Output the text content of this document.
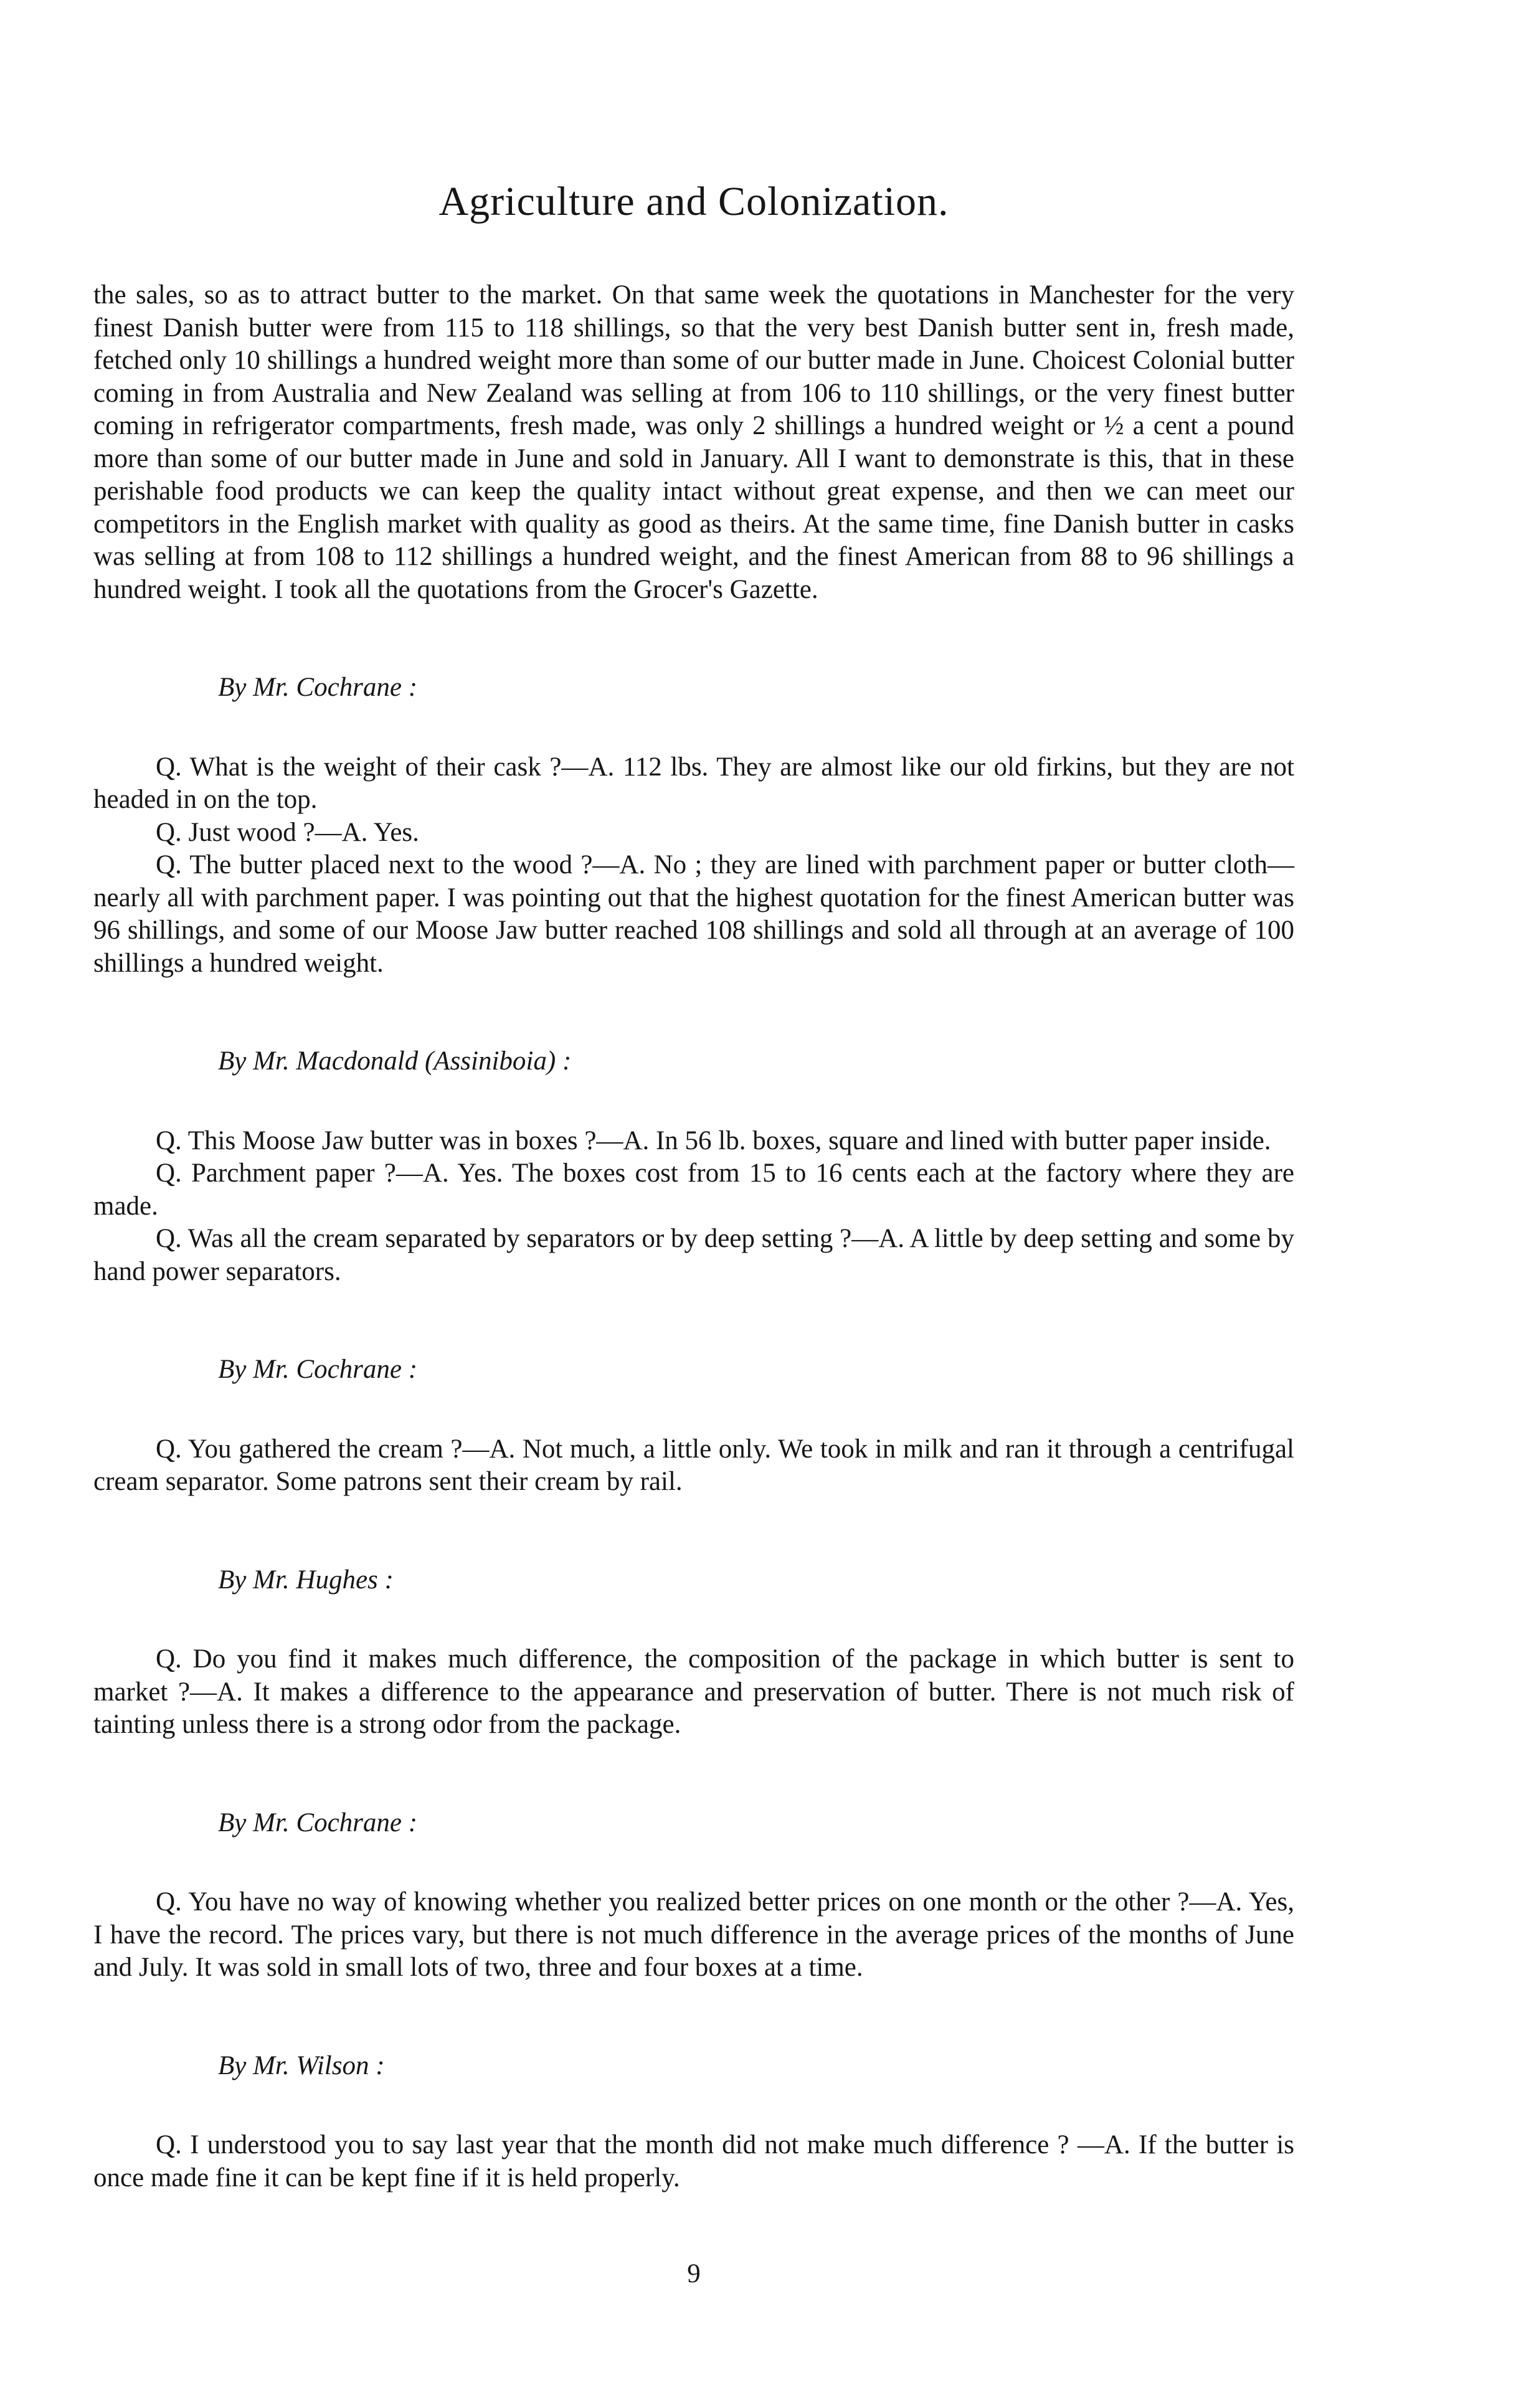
Agriculture and Colonization.

the sales, so as to attract butter to the market. On that same week the quotations in Manchester for the very finest Danish butter were from 115 to 118 shillings, so that the very best Danish butter sent in, fresh made, fetched only 10 shillings a hundred weight more than some of our butter made in June. Choicest Colonial butter coming in from Australia and New Zealand was selling at from 106 to 110 shillings, or the very finest butter coming in refrigerator compartments, fresh made, was only 2 shillings a hundred weight or ½ a cent a pound more than some of our butter made in June and sold in January. All I want to demonstrate is this, that in these perishable food products we can keep the quality intact without great expense, and then we can meet our competitors in the English market with quality as good as theirs. At the same time, fine Danish butter in casks was selling at from 108 to 112 shillings a hundred weight, and the finest American from 88 to 96 shillings a hundred weight. I took all the quotations from the Grocer's Gazette.

By Mr. Cochrane :

Q. What is the weight of their cask ?—A. 112 lbs. They are almost like our old firkins, but they are not headed in on the top.

Q. Just wood ?—A. Yes.

Q. The butter placed next to the wood ?—A. No ; they are lined with parchment paper or butter cloth—nearly all with parchment paper. I was pointing out that the highest quotation for the finest American butter was 96 shillings, and some of our Moose Jaw butter reached 108 shillings and sold all through at an average of 100 shillings a hundred weight.

By Mr. Macdonald (Assiniboia) :

Q. This Moose Jaw butter was in boxes ?—A. In 56 lb. boxes, square and lined with butter paper inside.

Q. Parchment paper ?—A. Yes. The boxes cost from 15 to 16 cents each at the factory where they are made.

Q. Was all the cream separated by separators or by deep setting ?—A. A little by deep setting and some by hand power separators.

By Mr. Cochrane :

Q. You gathered the cream ?—A. Not much, a little only. We took in milk and ran it through a centrifugal cream separator. Some patrons sent their cream by rail.

By Mr. Hughes :

Q. Do you find it makes much difference, the composition of the package in which butter is sent to market ?—A. It makes a difference to the appearance and preservation of butter. There is not much risk of tainting unless there is a strong odor from the package.

By Mr. Cochrane :

Q. You have no way of knowing whether you realized better prices on one month or the other ?—A. Yes, I have the record. The prices vary, but there is not much difference in the average prices of the months of June and July. It was sold in small lots of two, three and four boxes at a time.

By Mr. Wilson :

Q. I understood you to say last year that the month did not make much difference ? —A. If the butter is once made fine it can be kept fine if it is held properly.

9
